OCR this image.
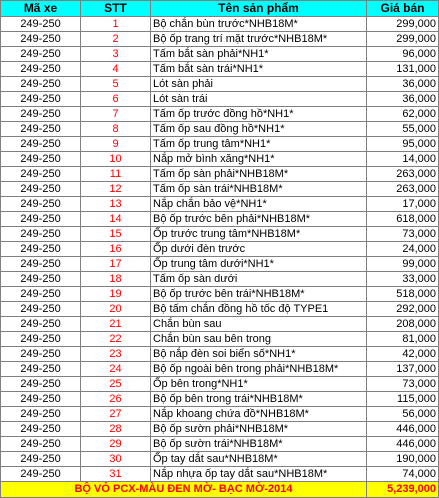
Mã xe	STT	Tên sản phẩm	Giá bán
249-250	1	Bộ chắn bùn trước*NHB18M*	299,000
249-250	2	Bộ ốp trang trí mặt trước*NHB18M*	299,000
249-250	3	Tấm bắt sàn phải*NH1*	96,000
249-250	4	Tấm bắt sàn trái*NH1*	131,000
249-250	5	Lót sàn phải	36,000
249-250	6	Lót sàn trái	36,000
249-250	7	Tấm ốp trước đồng hồ*NH1*	62,000
249-250	8	Tấm ốp sau đồng hồ*NH1*	55,000
249-250	9	Tấm ốp trung tâm*NH1*	95,000
249-250	10	Nắp mở bình xăng*NH1*	14,000
249-250	11	Tấm ốp sàn phải*NHB18M*	263,000
249-250	12	Tấm ốp sàn trái*NHB18M*	263,000
249-250	13	Nắp chắn bảo vệ*NH1*	17,000
249-250	14	Bộ ốp trước bên phải*NHB18M*	618,000
249-250	15	Ốp trước trung tâm*NHB18M*	73,000
249-250	16	Ốp dưới đèn trước	24,000
249-250	17	Ốp trung tâm dưới*NH1*	99,000
249-250	18	Tấm ốp sàn dưới	33,000
249-250	19	Bộ ốp trước bên trái*NHB18M*	518,000
249-250	20	Bộ tấm chắn đồng hồ tốc độ TYPE1	292,000
249-250	21	Chắn bùn sau	208,000
249-250	22	Chắn bùn sau bên trong	81,000
249-250	23	Bộ nắp đèn soi biển số*NH1*	42,000
249-250	24	Bộ ốp ngoài bên trong phải*NHB18M*	137,000
249-250	25	Ốp bên trong*NH1*	73,000
249-250	26	Bộ ốp bên trong trái*NHB18M*	115,000
249-250	27	Nắp khoang chứa đồ*NHB18M*	56,000
249-250	28	Bộ ốp sườn phải*NHB18M*	446,000
249-250	29	Bộ ốp sườn trái*NHB18M*	446,000
249-250	30	Ốp tay dắt sau*NHB18M*	190,000
249-250	31	Nắp nhựa ốp tay dắt sau*NHB18M*	74,000
BỘ VỎ PCX-MÀU ĐEN MỜ- BẠC MỜ-2014			5,239,000
